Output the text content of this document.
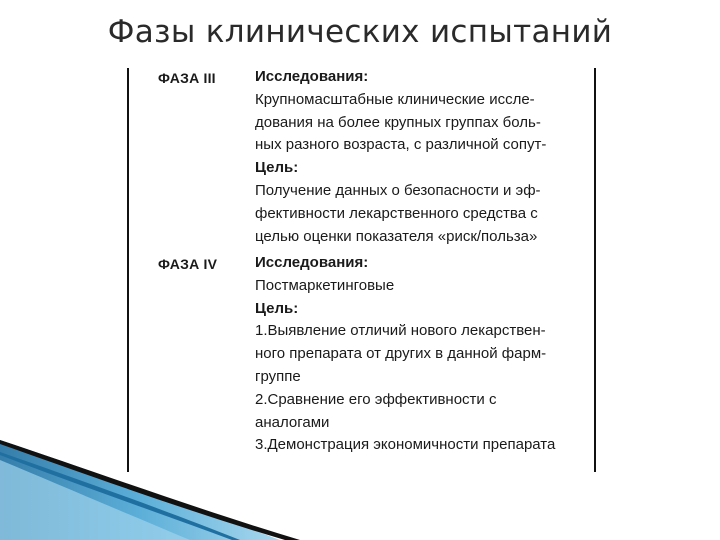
Фазы клинических испытаний
ФАЗА III	Исследования:
Крупномасштабные клинические иссле-
дования на более крупных группах боль-
ных разного возраста, с различной сопут-
Цель:
Получение данных о безопасности и эф-
фективности лекарственного средства с
целью оценки показателя «риск/польза»
ФАЗА IV	Исследования:
Постмаркетинговые
Цель:
1.Выявление отличий нового лекарствен-
ного препарата от других в данной фарм-
группе
2.Сравнение его эффективности с
аналогами
3.Демонстрация экономичности препарата
